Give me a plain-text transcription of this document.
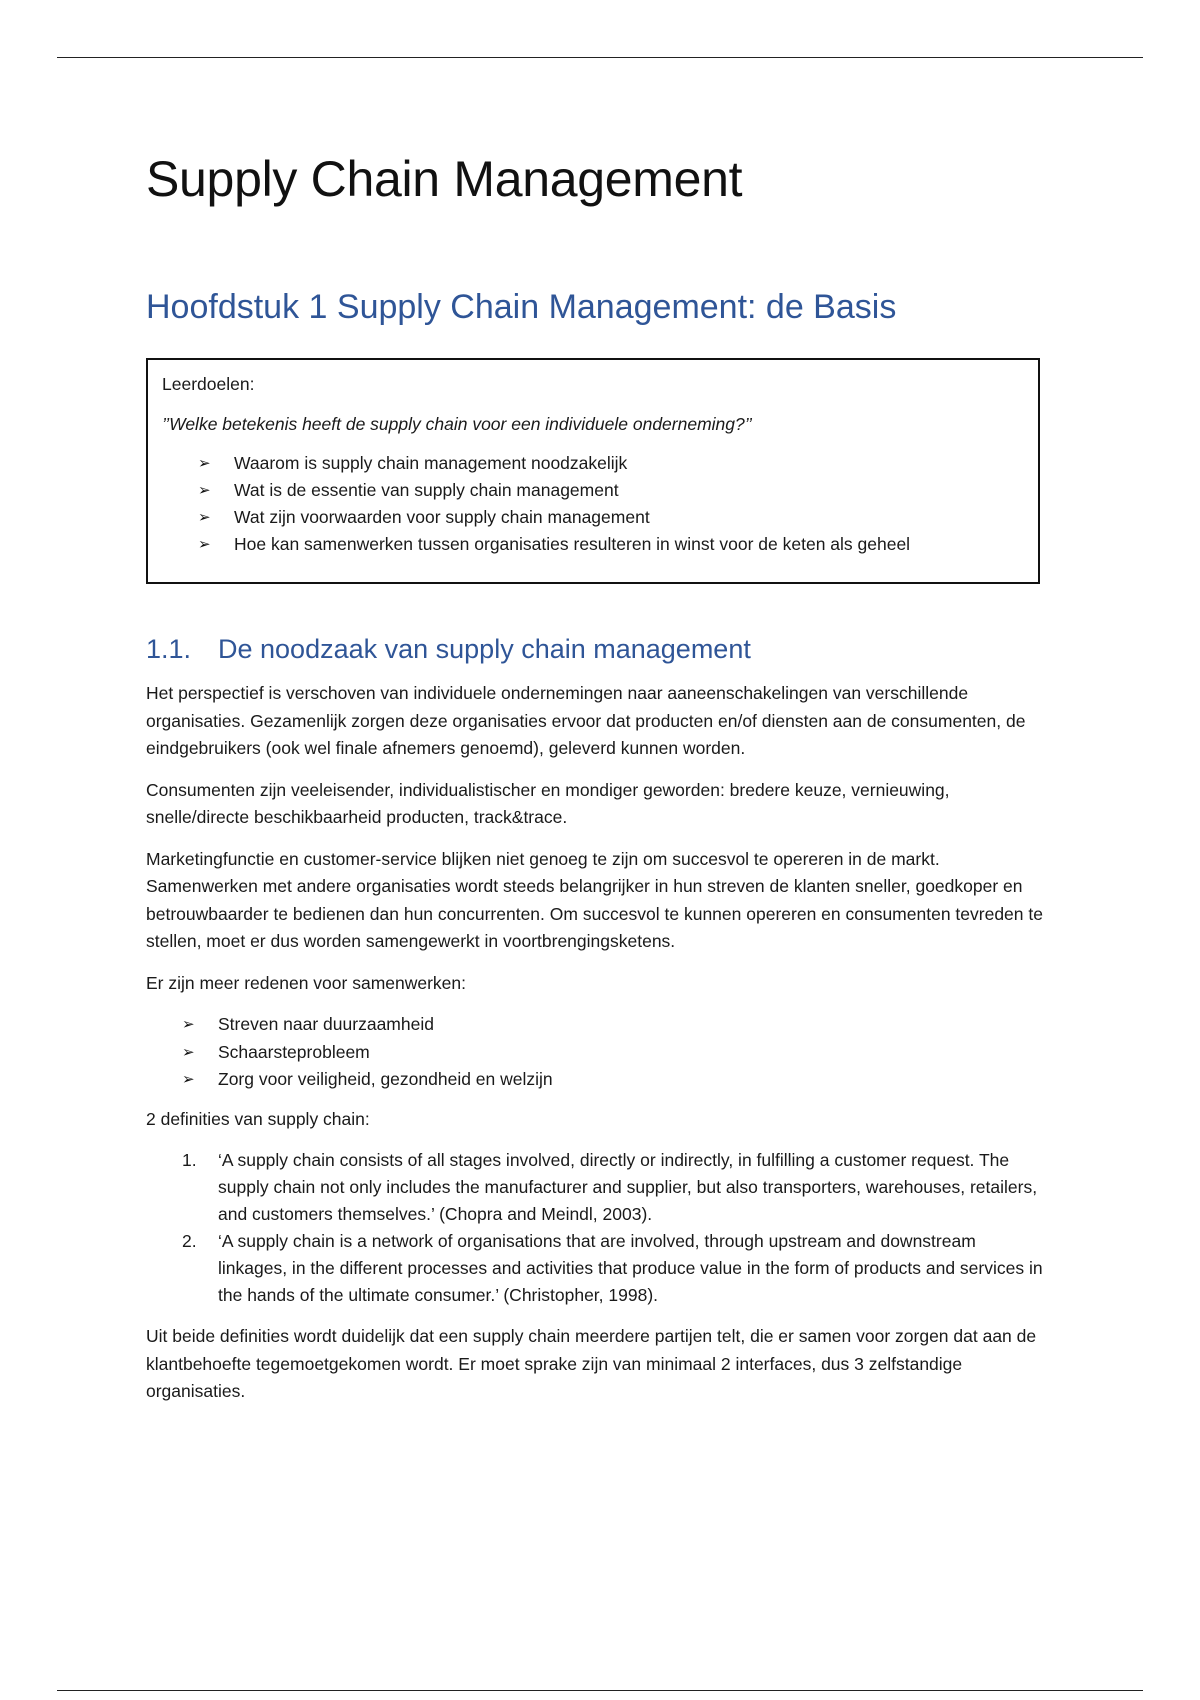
Supply Chain Management
Hoofdstuk 1 Supply Chain Management: de Basis

Leerdoelen:

’’Welke betekenis heeft de supply chain voor een individuele onderneming?’’

➢ Waarom is supply chain management noodzakelijk
➢ Wat is de essentie van supply chain management
➢ Wat zijn voorwaarden voor supply chain management
➢ Hoe kan samenwerken tussen organisaties resulteren in winst voor de keten als geheel
1.1. De noodzaak van supply chain management

Het perspectief is verschoven van individuele ondernemingen naar aaneenschakelingen van verschillende organisaties. Gezamenlijk zorgen deze organisaties ervoor dat producten en/of diensten aan de consumenten, de eindgebruikers (ook wel finale afnemers genoemd), geleverd kunnen worden.

Consumenten zijn veeleisender, individualistischer en mondiger geworden: bredere keuze, vernieuwing, snelle/directe beschikbaarheid producten, track&trace.

Marketingfunctie en customer-service blijken niet genoeg te zijn om succesvol te opereren in de markt. Samenwerken met andere organisaties wordt steeds belangrijker in hun streven de klanten sneller, goedkoper en betrouwbaarder te bedienen dan hun concurrenten. Om succesvol te kunnen opereren en consumenten tevreden te stellen, moet er dus worden samengewerkt in voortbrengingsketens.

Er zijn meer redenen voor samenwerken:

➢ Streven naar duurzaamheid
➢ Schaarsteprobleem
➢ Zorg voor veiligheid, gezondheid en welzijn

2 definities van supply chain:

1. ‘A supply chain consists of all stages involved, directly or indirectly, in fulfilling a customer request. The supply chain not only includes the manufacturer and supplier, but also transporters, warehouses, retailers, and customers themselves.’ (Chopra and Meindl, 2003).
2. ‘A supply chain is a network of organisations that are involved, through upstream and downstream linkages, in the different processes and activities that produce value in the form of products and services in the hands of the ultimate consumer.’ (Christopher, 1998).

Uit beide definities wordt duidelijk dat een supply chain meerdere partijen telt, die er samen voor zorgen dat aan de klantbehoefte tegemoetgekomen wordt. Er moet sprake zijn van minimaal 2 interfaces, dus 3 zelfstandige organisaties.
